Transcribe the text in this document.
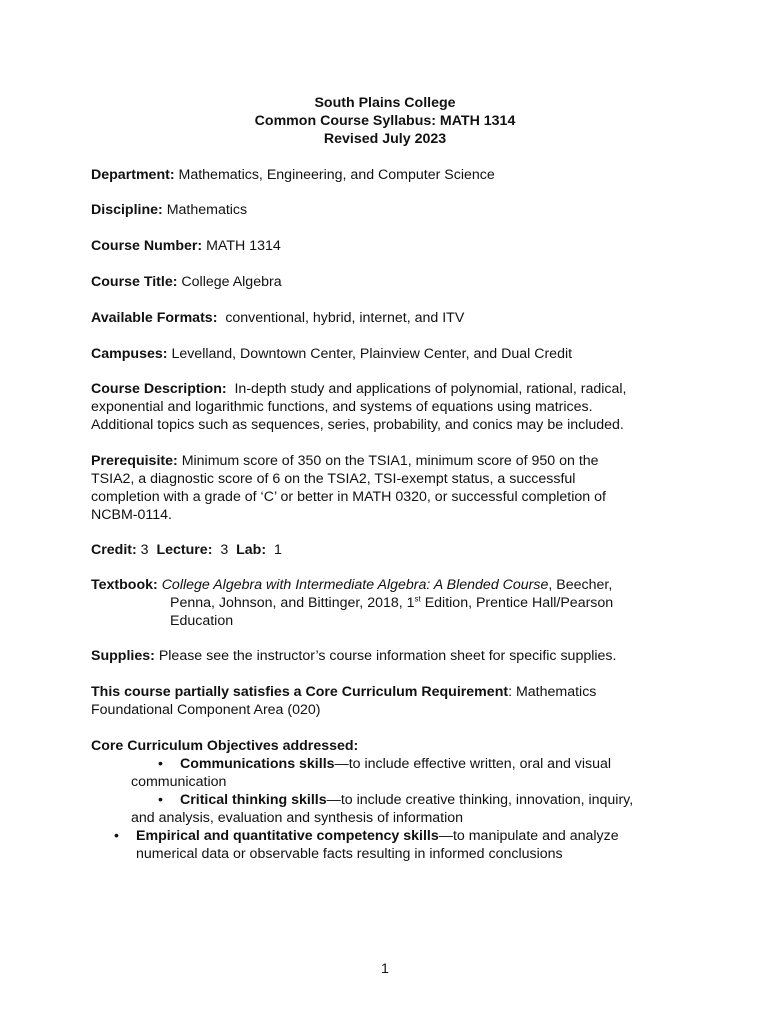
South Plains College
Common Course Syllabus: MATH 1314
Revised July 2023
Department: Mathematics, Engineering, and Computer Science
Discipline: Mathematics
Course Number: MATH 1314
Course Title: College Algebra
Available Formats: conventional, hybrid, internet, and ITV
Campuses: Levelland, Downtown Center, Plainview Center, and Dual Credit
Course Description: In-depth study and applications of polynomial, rational, radical,
exponential and logarithmic functions, and systems of equations using matrices.
Additional topics such as sequences, series, probability, and conics may be included.
Prerequisite: Minimum score of 350 on the TSIA1, minimum score of 950 on the
TSIA2, a diagnostic score of 6 on the TSIA2, TSI-exempt status, a successful
completion with a grade of ‘C’ or better in MATH 0320, or successful completion of
NCBM-0114.
Credit: 3 Lecture: 3 Lab: 1
Textbook: College Algebra with Intermediate Algebra: A Blended Course, Beecher,
Penna, Johnson, and Bittinger, 2018, 1st Edition, Prentice Hall/Pearson
Education
Supplies: Please see the instructor’s course information sheet for specific supplies.
This course partially satisfies a Core Curriculum Requirement: Mathematics
Foundational Component Area (020)
Core Curriculum Objectives addressed:
• Communications skills—to include effective written, oral and visual
communication
• Critical thinking skills—to include creative thinking, innovation, inquiry,
and analysis, evaluation and synthesis of information
• Empirical and quantitative competency skills—to manipulate and analyze
numerical data or observable facts resulting in informed conclusions
1
